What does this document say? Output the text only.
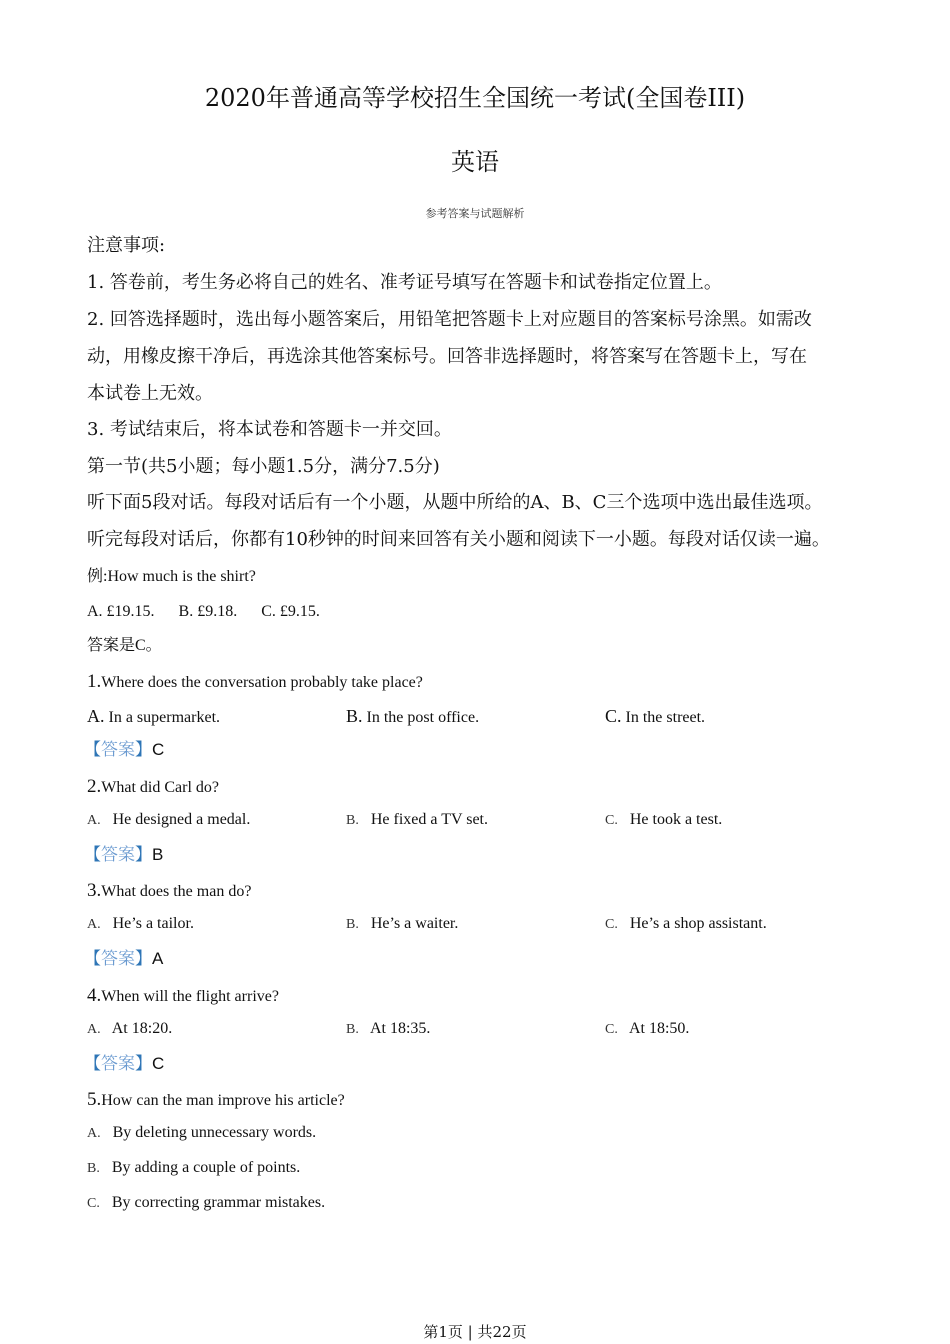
2020年普通高等学校招生全国统一考试(全国卷III)
英语
参考答案与试题解析
注意事项:
1. 答卷前，考生务必将自己的姓名、准考证号填写在答题卡和试卷指定位置上。
2. 回答选择题时，选出每小题答案后，用铅笔把答题卡上对应题目的答案标号涂黑。如需改
动，用橡皮擦干净后，再选涂其他答案标号。回答非选择题时，将答案写在答题卡上，写在
本试卷上无效。
3. 考试结束后，将本试卷和答题卡一并交回。
第一节(共5小题；每小题1.5分，满分7.5分)
听下面5段对话。每段对话后有一个小题，从题中所给的A、B、C三个选项中选出最佳选项。
听完每段对话后，你都有10秒钟的时间来回答有关小题和阅读下一小题。每段对话仅读一遍。
例:How much is the shirt?
A. £19.15.      B. £9.18.      C. £9.15.
答案是C。
1.Where does the conversation probably take place?
A. In a supermarket.	B. In the post office.	C. In the street.
【答案】C
2.What did Carl do?
A. He designed a medal.	B. He fixed a TV set.	C. He took a test.
【答案】B
3.What does the man do?
A. He’s a tailor.	B. He’s a waiter.	C. He’s a shop assistant.
【答案】A
4.When will the flight arrive?
A. At 18:20.	B. At 18:35.	C. At 18:50.
【答案】C
5.How can the man improve his article?
A. By deleting unnecessary words.
B. By adding a couple of points.
C. By correcting grammar mistakes.
第1页 | 共22页
